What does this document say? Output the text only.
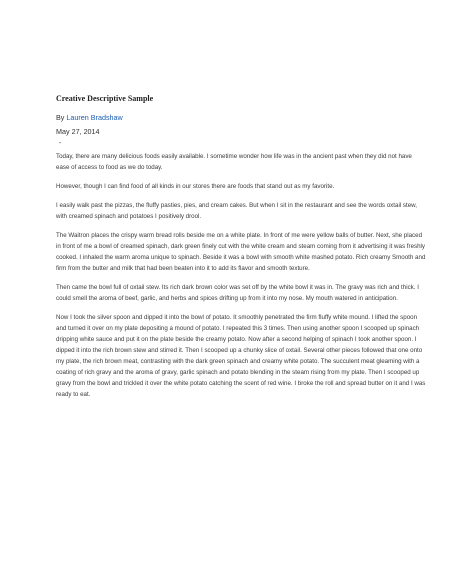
Creative Descriptive Sample
By Lauren Bradshaw
May 27, 2014
-

Today, there are many delicious foods easily available. I sometime wonder how life was in the ancient past when they did not have ease of access to food as we do today.

However, though I can find food of all kinds in our stores there are foods that stand out as my favorite.

I easily walk past the pizzas, the fluffy pasties, pies, and cream cakes. But when I sit in the restaurant and see the words oxtail stew, with creamed spinach and potatoes I positively drool.

The Waitron places the crispy warm bread rolls beside me on a white plate. In front of me were yellow balls of butter. Next, she placed in front of me a bowl of creamed spinach, dark green finely cut with the white cream and steam coming from it advertising it was freshly cooked. I inhaled the warm aroma unique to spinach. Beside it was a bowl with smooth white mashed potato. Rich creamy Smooth and firm from the butter and milk that had been beaten into it to add its flavor and smooth texture.

Then came the bowl full of oxtail stew. Its rich dark brown color was set off by the white bowl it was in. The gravy was rich and thick. I could smell the aroma of beef, garlic, and herbs and spices drifting up from it into my nose. My mouth watered in anticipation.

Now I took the silver spoon and dipped it into the bowl of potato. It smoothly penetrated the firm fluffy white mound. I lifted the spoon and turned it over on my plate depositing a mound of potato. I repeated this 3 times. Then using another spoon I scooped up spinach dripping white sauce and put it on the plate beside the creamy potato. Now after a second helping of spinach I took another spoon. I dipped it into the rich brown stew and stirred it. Then I scooped up a chunky slice of oxtail. Several other pieces followed that one onto my plate, the rich brown meat, contrasting with the dark green spinach and creamy white potato. The succulent meat gleaming with a coating of rich gravy and the aroma of gravy, garlic spinach and potato blending in the steam rising from my plate. Then I scooped up gravy from the bowl and trickled it over the white potato catching the scent of red wine. I broke the roll and spread butter on it and I was ready to eat.
